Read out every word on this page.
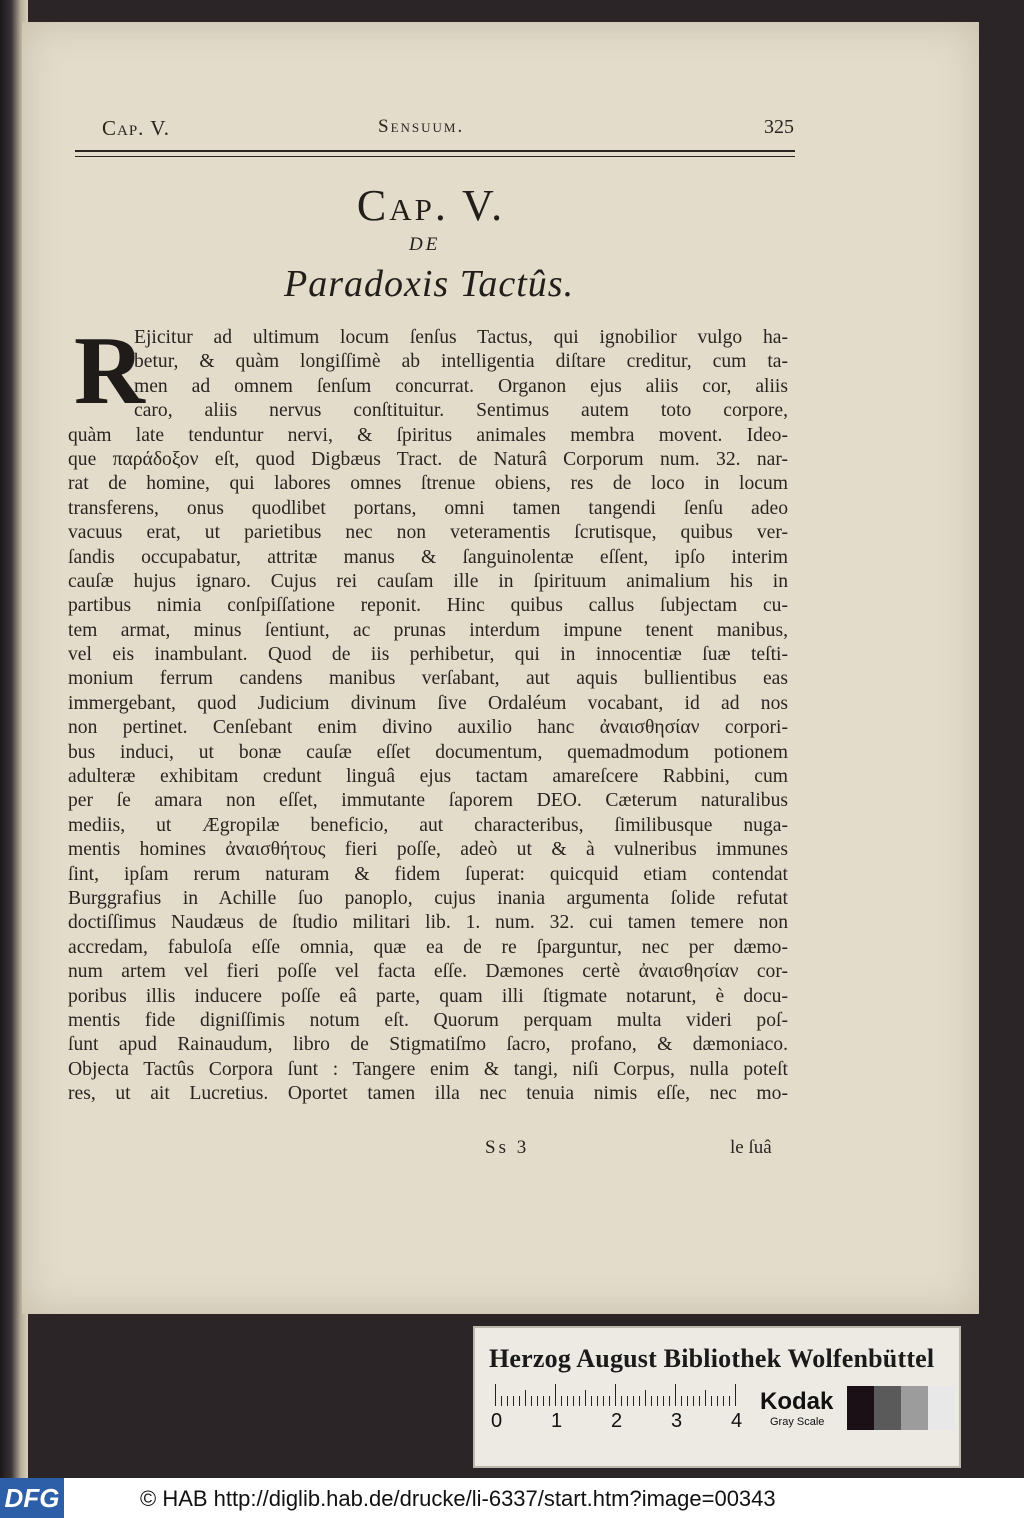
Cap. V.	Sensuum.	325
Cap. V.
DE
Paradoxis Tactûs.
R
Ejicitur ad ultimum locum ſenſus Tactus, qui ignobilior vulgo ha-
betur, & quàm longiſſimè ab intelligentia diſtare creditur, cum ta-
men ad omnem ſenſum concurrat. Organon ejus aliis cor, aliis
caro, aliis nervus conſtituitur. Sentimus autem toto corpore,
quàm late tenduntur nervi, & ſpiritus animales membra movent. Ideo-
que παράδοξον eſt, quod Digbæus Tract. de Naturâ Corporum num. 32. nar-
rat de homine, qui labores omnes ſtrenue obiens, res de loco in locum
transferens, onus quodlibet portans, omni tamen tangendi ſenſu adeo
vacuus erat, ut parietibus nec non veteramentis ſcrutisque, quibus ver-
ſandis occupabatur, attritæ manus & ſanguinolentæ eſſent, ipſo interim
cauſæ hujus ignaro. Cujus rei cauſam ille in ſpirituum animalium his in
partibus nimia conſpiſſatione reponit. Hinc quibus callus ſubjectam cu-
tem armat, minus ſentiunt, ac prunas interdum impune tenent manibus,
vel eis inambulant. Quod de iis perhibetur, qui in innocentiæ ſuæ teſti-
monium ferrum candens manibus verſabant, aut aquis bullientibus eas
immergebant, quod Judicium divinum ſive Ordaléum vocabant, id ad nos
non pertinet. Cenſebant enim divino auxilio hanc ἀναισθησίαν corpori-
bus induci, ut bonæ cauſæ eſſet documentum, quemadmodum potionem
adulteræ exhibitam credunt linguâ ejus tactam amareſcere Rabbini, cum
per ſe amara non eſſet, immutante ſaporem DEO. Cæterum naturalibus
mediis, ut Ægropilæ beneficio, aut characteribus, ſimilibusque nuga-
mentis homines ἀναισθήτους fieri poſſe, adeò ut & à vulneribus immunes
ſint, ipſam rerum naturam & fidem ſuperat: quicquid etiam contendat
Burggrafius in Achille ſuo panoplo, cujus inania argumenta ſolide refutat
doctiſſimus Naudæus de ſtudio militari lib. 1. num. 32. cui tamen temere non
accredam, fabuloſa eſſe omnia, quæ ea de re ſparguntur, nec per dæmo-
num artem vel fieri poſſe vel facta eſſe. Dæmones certè ἀναισθησίαν cor-
poribus illis inducere poſſe eâ parte, quam illi ſtigmate notarunt, è docu-
mentis fide digniſſimis notum eſt. Quorum perquam multa videri poſ-
ſunt apud Rainaudum, libro de Stigmatiſmo ſacro, profano, & dæmoniaco.
Objecta Tactûs Corpora ſunt : Tangere enim & tangi, niſi Corpus, nulla poteſt
res, ut ait Lucretius. Oportet tamen illa nec tenuia nimis eſſe, nec mo-
Ss 3	le ſuâ
Herzog August Bibliothek Wolfenbüttel
0 1 2 3 4
Kodak
Gray Scale
DFG	© HAB http://diglib.hab.de/drucke/li-6337/start.htm?image=00343
